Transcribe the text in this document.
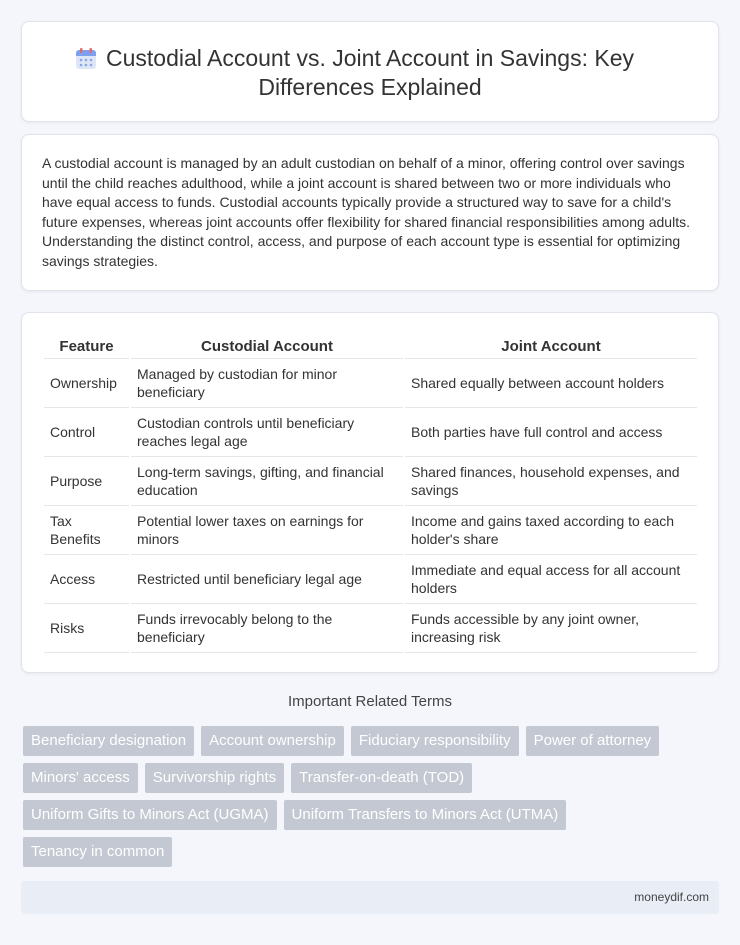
Custodial Account vs. Joint Account in Savings: Key Differences Explained

A custodial account is managed by an adult custodian on behalf of a minor, offering control over savings until the child reaches adulthood, while a joint account is shared between two or more individuals who have equal access to funds. Custodial accounts typically provide a structured way to save for a child's future expenses, whereas joint accounts offer flexibility for shared financial responsibilities among adults. Understanding the distinct control, access, and purpose of each account type is essential for optimizing savings strategies.

Feature	Custodial Account	Joint Account
Ownership	Managed by custodian for minor beneficiary	Shared equally between account holders
Control	Custodian controls until beneficiary reaches legal age	Both parties have full control and access
Purpose	Long-term savings, gifting, and financial education	Shared finances, household expenses, and savings
Tax Benefits	Potential lower taxes on earnings for minors	Income and gains taxed according to each holder's share
Access	Restricted until beneficiary legal age	Immediate and equal access for all account holders
Risks	Funds irrevocably belong to the beneficiary	Funds accessible by any joint owner, increasing risk
Important Related Terms
Beneficiary designation	Account ownership	Fiduciary responsibility	Power of attorney
Minors' access	Survivorship rights	Transfer-on-death (TOD)
Uniform Gifts to Minors Act (UGMA)	Uniform Transfers to Minors Act (UTMA)
Tenancy in common
moneydif.com
